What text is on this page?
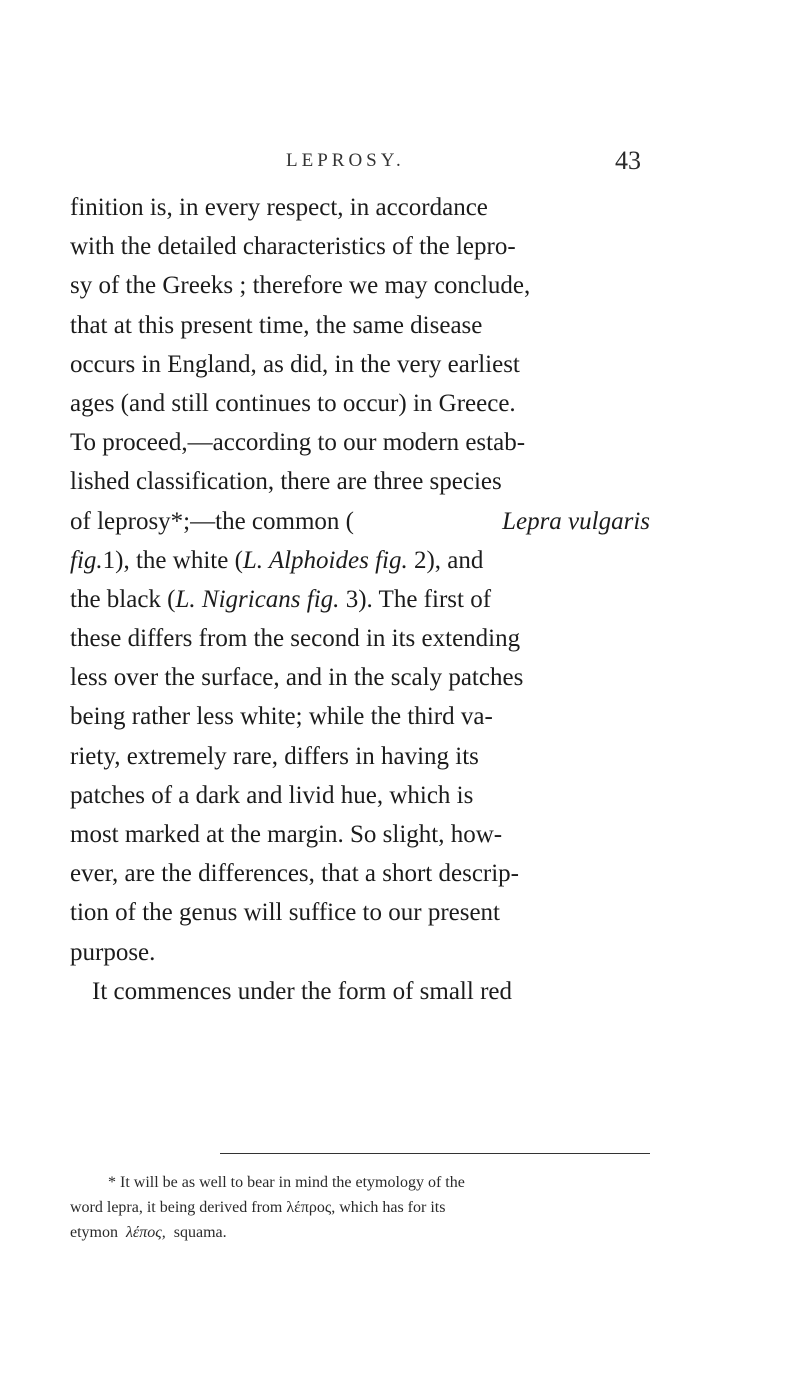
LEPROSY.	43
finition is, in every respect, in accordance
with the detailed characteristics of the lepro-
sy of the Greeks ; therefore we may conclude,
that at this present time, the same disease
occurs in England, as did, in the very earliest
ages (and still continues to occur) in Greece.
To proceed,—according to our modern estab-
lished classification, there are three species
of leprosy*;—the common (	Lepra vulgaris
fig.1), the white (L. Alphoides fig. 2), and
the black (L. Nigricans fig. 3). The first of
these differs from the second in its extending
less over the surface, and in the scaly patches
being rather less white; while the third va-
riety, extremely rare, differs in having its
patches of a dark and livid hue, which is
most marked at the margin. So slight, how-
ever, are the differences, that a short descrip-
tion of the genus will suffice to our present
purpose.
It commences under the form of small red
* It will be as well to bear in mind the etymology of the
word lepra, it being derived from λέπρος, which has for its
etymon λέπος, squama.
